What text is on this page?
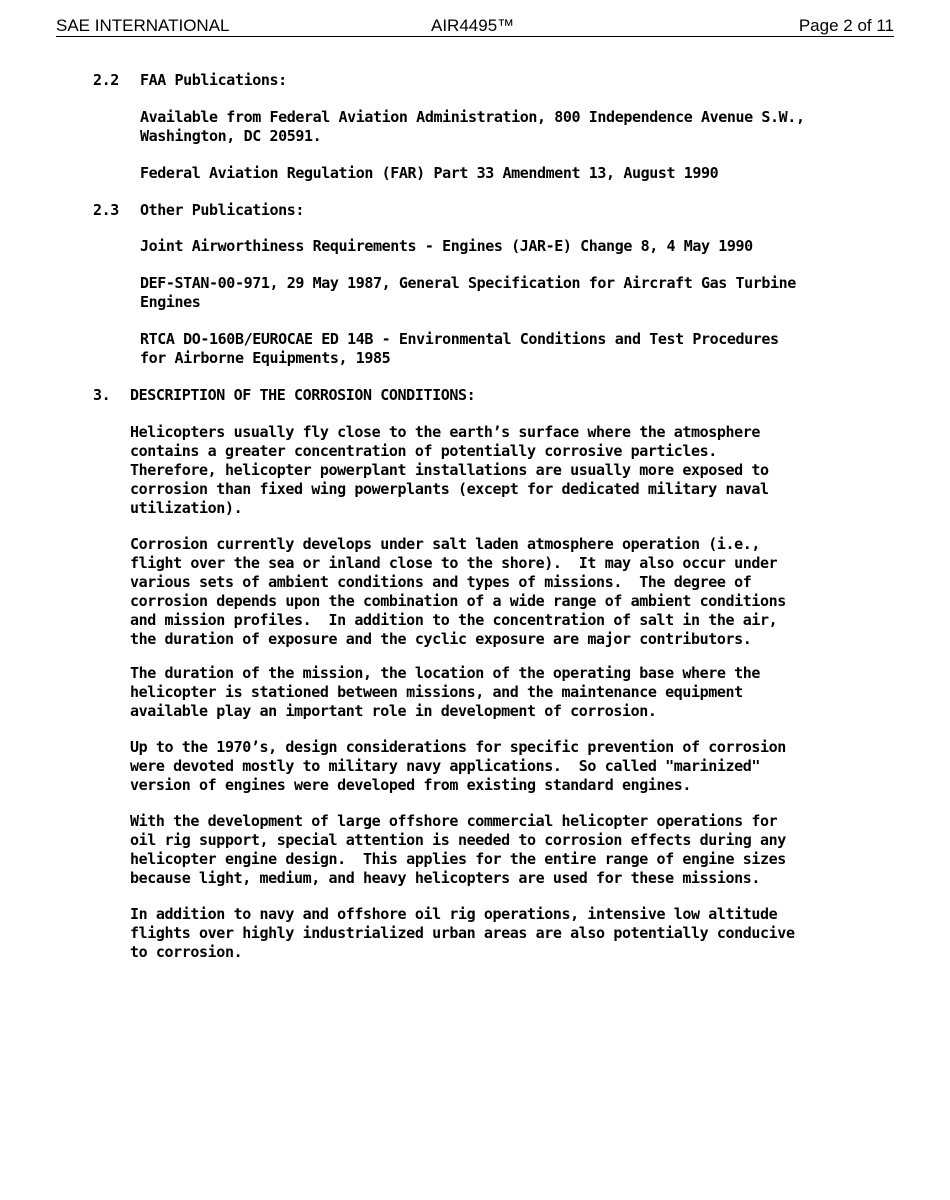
SAE INTERNATIONAL	AIR4495™	Page 2 of 11
2.2 FAA Publications:

Available from Federal Aviation Administration, 800 Independence Avenue S.W.,
Washington, DC 20591.

Federal Aviation Regulation (FAR) Part 33 Amendment 13, August 1990

2.3 Other Publications:

Joint Airworthiness Requirements - Engines (JAR-E) Change 8, 4 May 1990

DEF-STAN-00-971, 29 May 1987, General Specification for Aircraft Gas Turbine
Engines

RTCA DO-160B/EUROCAE ED 14B - Environmental Conditions and Test Procedures
for Airborne Equipments, 1985

3. DESCRIPTION OF THE CORROSION CONDITIONS:

Helicopters usually fly close to the earth’s surface where the atmosphere
contains a greater concentration of potentially corrosive particles.
Therefore, helicopter powerplant installations are usually more exposed to
corrosion than fixed wing powerplants (except for dedicated military naval
utilization).

Corrosion currently develops under salt laden atmosphere operation (i.e.,
flight over the sea or inland close to the shore).  It may also occur under
various sets of ambient conditions and types of missions.  The degree of
corrosion depends upon the combination of a wide range of ambient conditions
and mission profiles.  In addition to the concentration of salt in the air,
the duration of exposure and the cyclic exposure are major contributors.

The duration of the mission, the location of the operating base where the
helicopter is stationed between missions, and the maintenance equipment
available play an important role in development of corrosion.

Up to the 1970’s, design considerations for specific prevention of corrosion
were devoted mostly to military navy applications.  So called "marinized"
version of engines were developed from existing standard engines.

With the development of large offshore commercial helicopter operations for
oil rig support, special attention is needed to corrosion effects during any
helicopter engine design.  This applies for the entire range of engine sizes
because light, medium, and heavy helicopters are used for these missions.

In addition to navy and offshore oil rig operations, intensive low altitude
flights over highly industrialized urban areas are also potentially conducive
to corrosion.
